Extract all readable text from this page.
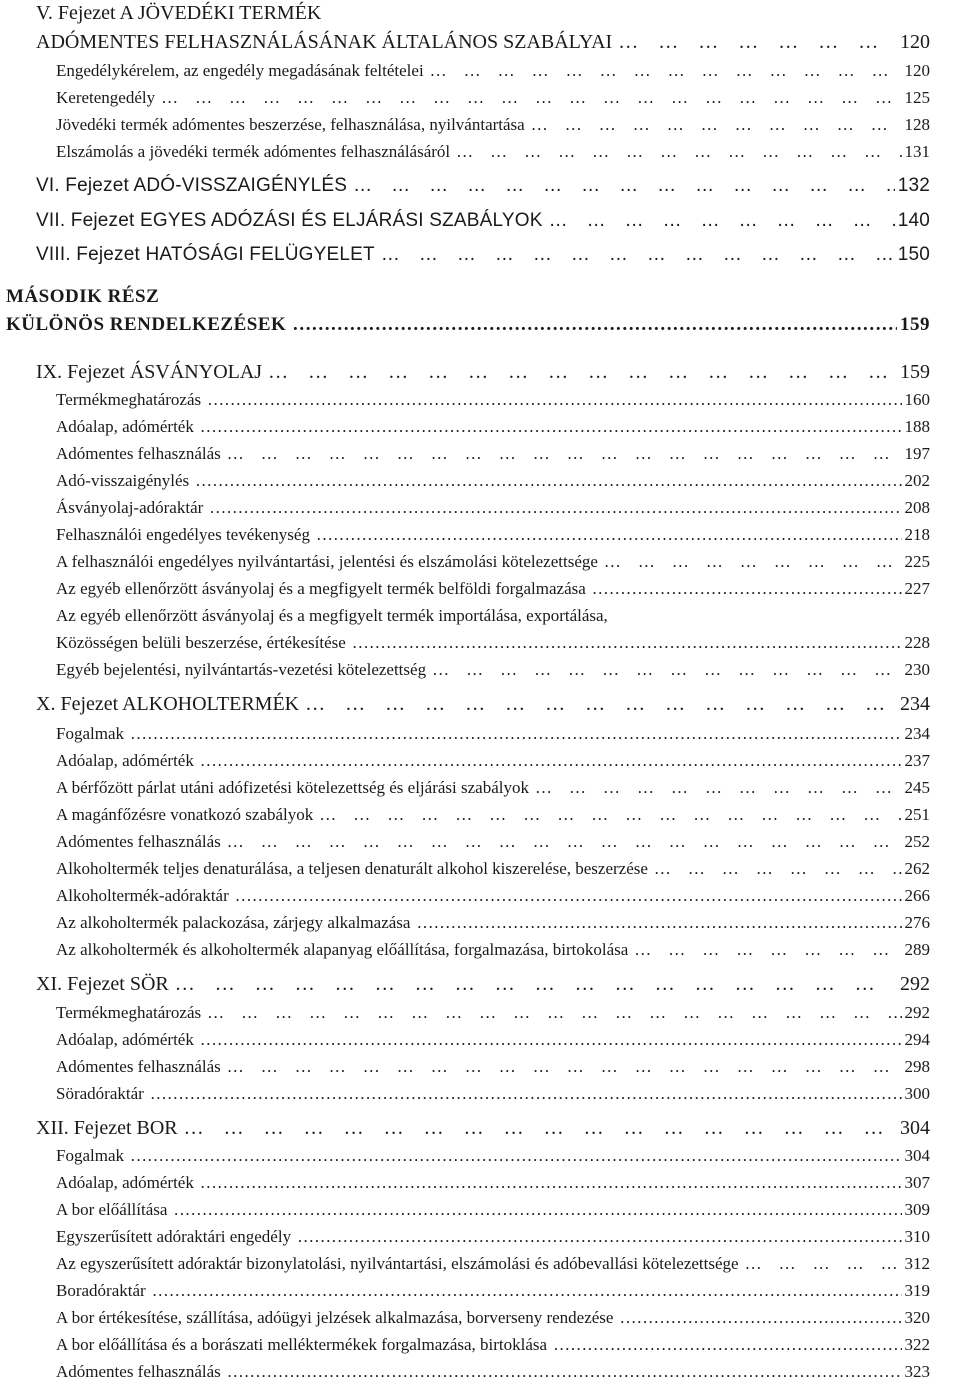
V. Fejezet A JÖVEDÉKI TERMÉK
ADÓMENTES FELHASZNÁLÁSÁNAK ÁLTALÁNOS SZABÁLYAI … … … … … … … … … … … … … … … … … … … … … … … … … … … … … … … 	120
Engedélykérelem, az engedély megadásának feltételei … … … … … … … … … … … … … … … … … … … … … … … … … … … … … … … 	120
Keretengedély … … … … … … … … … … … … … … … … … … … … … … … … … … … … … … … 	125
Jövedéki termék adómentes beszerzése, felhasználása, nyilvántartása … … … … … … … … … … … … … … … … … … … … … … … … … … … … … … … 	128
Elszámolás a jövedéki termék adómentes felhasználásáról … … … … … … … … … … … … … … … … … … … … … … … … … … … … … … … 	131
VI. Fejezet ADÓ-VISSZAIGÉNYLÉS … … … … … … … … … … … … … … … … … … … … … … … … … … … … … … … 	132
VII. Fejezet EGYES ADÓZÁSI ÉS ELJÁRÁSI SZABÁLYOK … … … … … … … … … … … … … … … … … … … … … … … … … … … … … … … 	140
VIII. Fejezet HATÓSÁGI FELÜGYELET … … … … … … … … … … … … … … … … … … … … … … … … … … … … … … … 	150
MÁSODIK RÉSZ
KÜLÖNÖS RENDELKEZÉSEK …………………………………………………………………………………………………………………………………………………………………………………………	159
IX. Fejezet ÁSVÁNYOLAJ … … … … … … … … … … … … … … … … … … … … … … … … … … … … … … … 	159
Termékmeghatározás …………………………………………………………………………………………………………………………………………………………………………………………	160
Adóalap, adómérték …………………………………………………………………………………………………………………………………………………………………………………………	188
Adómentes felhasználás … … … … … … … … … … … … … … … … … … … … … … … … … … … … … … … 	197
Adó-visszaigénylés …………………………………………………………………………………………………………………………………………………………………………………………	202
Ásványolaj-adóraktár …………………………………………………………………………………………………………………………………………………………………………………………	208
Felhasználói engedélyes tevékenység …………………………………………………………………………………………………………………………………………………………………………………………	218
A felhasználói engedélyes nyilvántartási, jelentési és elszámolási kötelezettsége … … … … … … … … … … … … … … … … … … … … … … … … … … … … … … … 	225
Az egyéb ellenőrzött ásványolaj és a megfigyelt termék belföldi forgalmazása …………………………………………………………………………………………………………………………………………………………………………………………	227
Az egyéb ellenőrzött ásványolaj és a megfigyelt termék importálása, exportálása,
Közösségen belüli beszerzése, értékesítése …………………………………………………………………………………………………………………………………………………………………………………………	228
Egyéb bejelentési, nyilvántartás-vezetési kötelezettség … … … … … … … … … … … … … … … … … … … … … … … … … … … … … … … 	230
X. Fejezet ALKOHOLTERMÉK … … … … … … … … … … … … … … … … … … … … … … … … … … … … … … … 	234
Fogalmak …………………………………………………………………………………………………………………………………………………………………………………………	234
Adóalap, adómérték …………………………………………………………………………………………………………………………………………………………………………………………	237
A bérfőzött párlat utáni adófizetési kötelezettség és eljárási szabályok … … … … … … … … … … … … … … … … … … … … … … … … … … … … … … … 	245
A magánfőzésre vonatkozó szabályok … … … … … … … … … … … … … … … … … … … … … … … … … … … … … … … 	251
Adómentes felhasználás … … … … … … … … … … … … … … … … … … … … … … … … … … … … … … … 	252
Alkoholtermék teljes denaturálása, a teljesen denaturált alkohol kiszerelése, beszerzése … … … … … … … … … … … … … … … … … … … … … … … … … … … … … … … 	262
Alkoholtermék-adóraktár …………………………………………………………………………………………………………………………………………………………………………………………	266
Az alkoholtermék palackozása, zárjegy alkalmazása …………………………………………………………………………………………………………………………………………………………………………………………	276
Az alkoholtermék és alkoholtermék alapanyag előállítása, forgalmazása, birtokolása … … … … … … … … … … … … … … … … … … … … … … … … … … … … … … … 	289
XI. Fejezet SÖR … … … … … … … … … … … … … … … … … … … … … … … … … … … … … … … 	292
Termékmeghatározás … … … … … … … … … … … … … … … … … … … … … … … … … … … … … … … 	292
Adóalap, adómérték …………………………………………………………………………………………………………………………………………………………………………………………	294
Adómentes felhasználás … … … … … … … … … … … … … … … … … … … … … … … … … … … … … … … 	298
Söradóraktár …………………………………………………………………………………………………………………………………………………………………………………………	300
XII. Fejezet BOR … … … … … … … … … … … … … … … … … … … … … … … … … … … … … … … 	304
Fogalmak …………………………………………………………………………………………………………………………………………………………………………………………	304
Adóalap, adómérték …………………………………………………………………………………………………………………………………………………………………………………………	307
A bor előállítása …………………………………………………………………………………………………………………………………………………………………………………………	309
Egyszerűsített adóraktári engedély …………………………………………………………………………………………………………………………………………………………………………………………	310
Az egyszerűsített adóraktár bizonylatolási, nyilvántartási, elszámolási és adóbevallási kötelezettsége … … … … … … … … … … … … … … … … … … … … … … … … … … … … … … … 	312
Boradóraktár …………………………………………………………………………………………………………………………………………………………………………………………	319
A bor értékesítése, szállítása, adóügyi jelzések alkalmazása, borverseny rendezése …………………………………………………………………………………………………………………………………………………………………………………………	320
A bor előállítása és a borászati melléktermékek forgalmazása, birtoklása …………………………………………………………………………………………………………………………………………………………………………………………	322
Adómentes felhasználás …………………………………………………………………………………………………………………………………………………………………………………………	323
